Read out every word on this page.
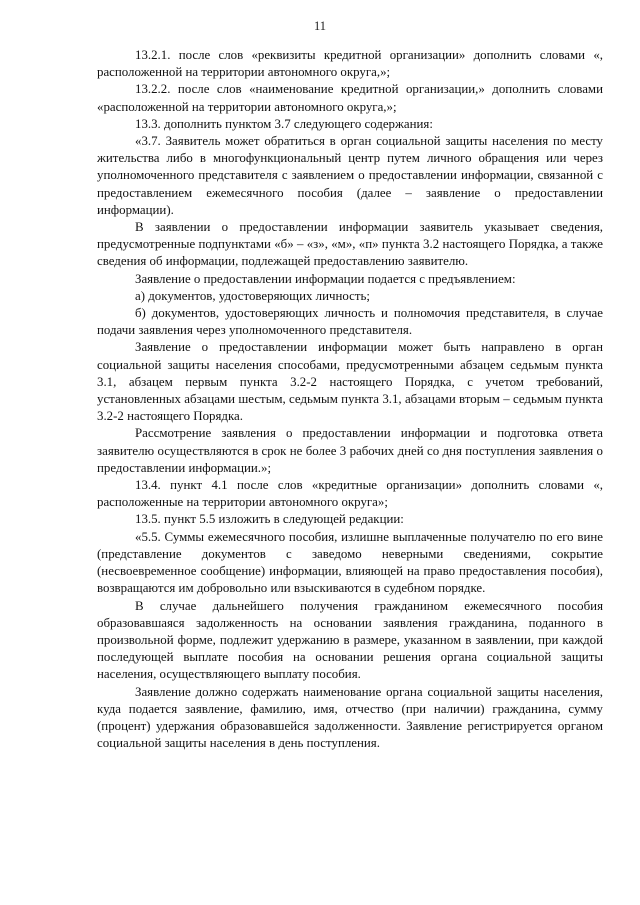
11

13.2.1. после слов «реквизиты кредитной организации» дополнить словами «, расположенной на территории автономного округа,»;

13.2.2. после слов «наименование кредитной организации,» дополнить словами «расположенной на территории автономного округа,»;

13.3. дополнить пунктом 3.7 следующего содержания:

«3.7. Заявитель может обратиться в орган социальной защиты населения по месту жительства либо в многофункциональный центр путем личного обращения или через уполномоченного представителя с заявлением о предоставлении информации, связанной с предоставлением ежемесячного пособия (далее – заявление о предоставлении информации).

В заявлении о предоставлении информации заявитель указывает сведения, предусмотренные подпунктами «б» – «з», «м», «п» пункта 3.2 настоящего Порядка, а также сведения об информации, подлежащей предоставлению заявителю.

Заявление о предоставлении информации подается с предъявлением:

а) документов, удостоверяющих личность;

б) документов, удостоверяющих личность и полномочия представителя, в случае подачи заявления через уполномоченного представителя.

Заявление о предоставлении информации может быть направлено в орган социальной защиты населения способами, предусмотренными абзацем седьмым пункта 3.1, абзацем первым пункта 3.2-2 настоящего Порядка, с учетом требований, установленных абзацами шестым, седьмым пункта 3.1, абзацами вторым – седьмым пункта 3.2-2 настоящего Порядка.

Рассмотрение заявления о предоставлении информации и подготовка ответа заявителю осуществляются в срок не более 3 рабочих дней со дня поступления заявления о предоставлении информации.»;

13.4. пункт 4.1 после слов «кредитные организации» дополнить словами «, расположенные на территории автономного округа»;

13.5. пункт 5.5 изложить в следующей редакции:

«5.5. Суммы ежемесячного пособия, излишне выплаченные получателю по его вине (представление документов с заведомо неверными сведениями, сокрытие (несвоевременное сообщение) информации, влияющей на право предоставления пособия), возвращаются им добровольно или взыскиваются в судебном порядке.

В случае дальнейшего получения гражданином ежемесячного пособия образовавшаяся задолженность на основании заявления гражданина, поданного в произвольной форме, подлежит удержанию в размере, указанном в заявлении, при каждой последующей выплате пособия на основании решения органа социальной защиты населения, осуществляющего выплату пособия.

Заявление должно содержать наименование органа социальной защиты населения, куда подается заявление, фамилию, имя, отчество (при наличии) гражданина, сумму (процент) удержания образовавшейся задолженности. Заявление регистрируется органом социальной защиты населения в день поступления.
